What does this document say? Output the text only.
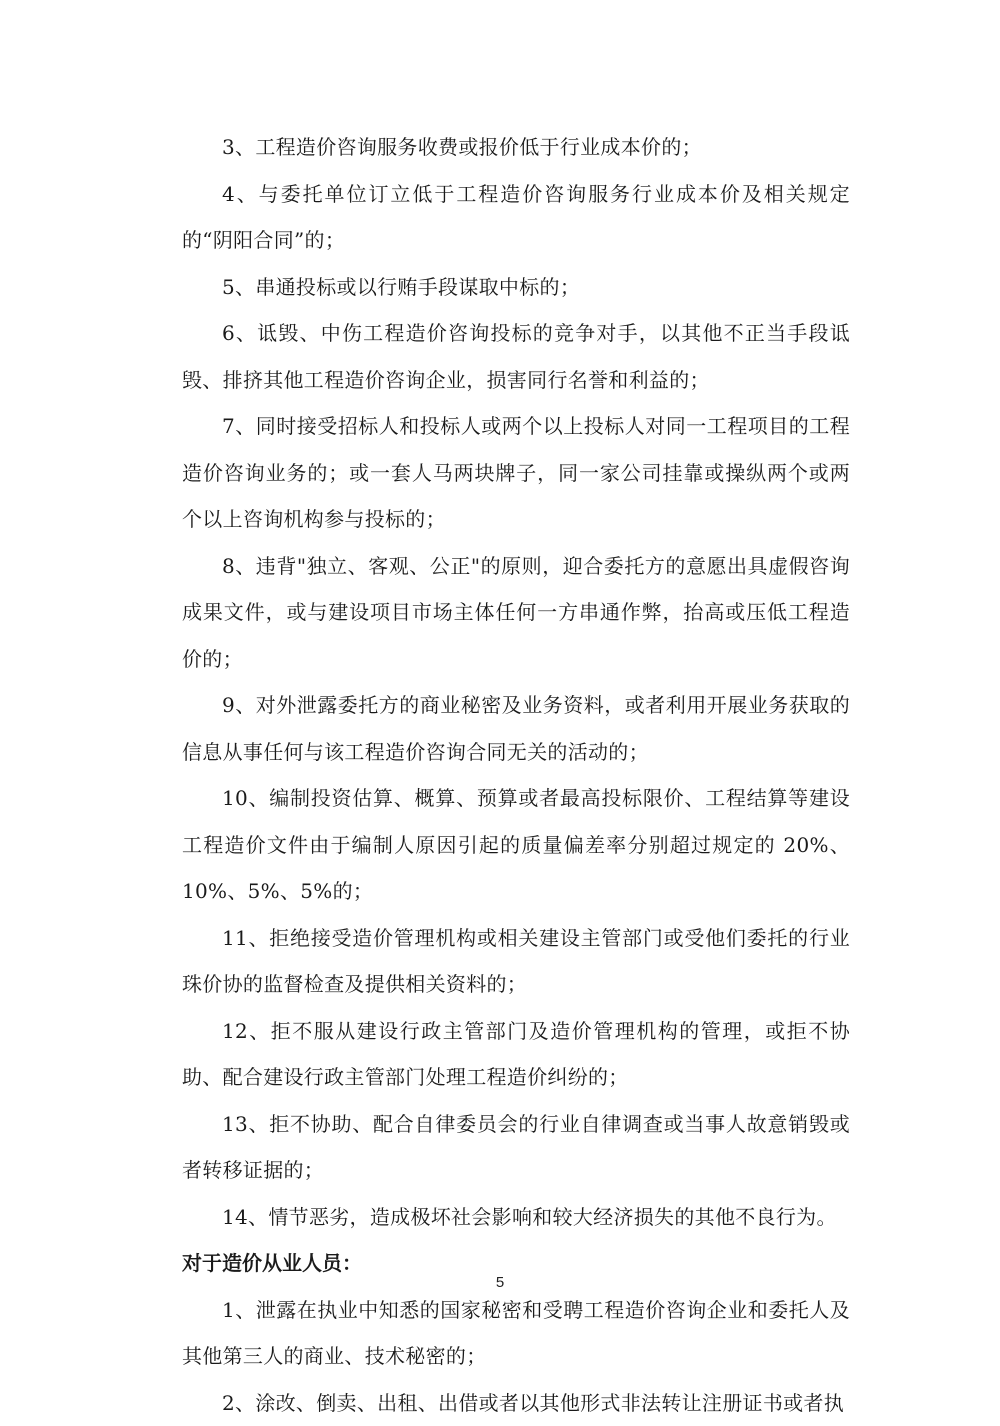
3、工程造价咨询服务收费或报价低于行业成本价的；

4、与委托单位订立低于工程造价咨询服务行业成本价及相关规定的“阴阳合同”的；

5、串通投标或以行贿手段谋取中标的；

6、诋毁、中伤工程造价咨询投标的竞争对手，以其他不正当手段诋毁、排挤其他工程造价咨询企业，损害同行名誉和利益的；

7、同时接受招标人和投标人或两个以上投标人对同一工程项目的工程造价咨询业务的；或一套人马两块牌子，同一家公司挂靠或操纵两个或两个以上咨询机构参与投标的；

8、违背"独立、客观、公正"的原则，迎合委托方的意愿出具虚假咨询成果文件，或与建设项目市场主体任何一方串通作弊，抬高或压低工程造价的；

9、对外泄露委托方的商业秘密及业务资料，或者利用开展业务获取的信息从事任何与该工程造价咨询合同无关的活动的；

10、编制投资估算、概算、预算或者最高投标限价、工程结算等建设工程造价文件由于编制人原因引起的质量偏差率分别超过规定的 20%、10%、5%、5%的；

11、拒绝接受造价管理机构或相关建设主管部门或受他们委托的行业珠价协的监督检查及提供相关资料的；

12、拒不服从建设行政主管部门及造价管理机构的管理，或拒不协助、配合建设行政主管部门处理工程造价纠纷的；

13、拒不协助、配合自律委员会的行业自律调查或当事人故意销毁或者转移证据的；

14、情节恶劣，造成极坏社会影响和较大经济损失的其他不良行为。

对于造价从业人员：

1、泄露在执业中知悉的国家秘密和受聘工程造价咨询企业和委托人及其他第三人的商业、技术秘密的；

2、涂改、倒卖、出租、出借或者以其他形式非法转让注册证书或者执

5
